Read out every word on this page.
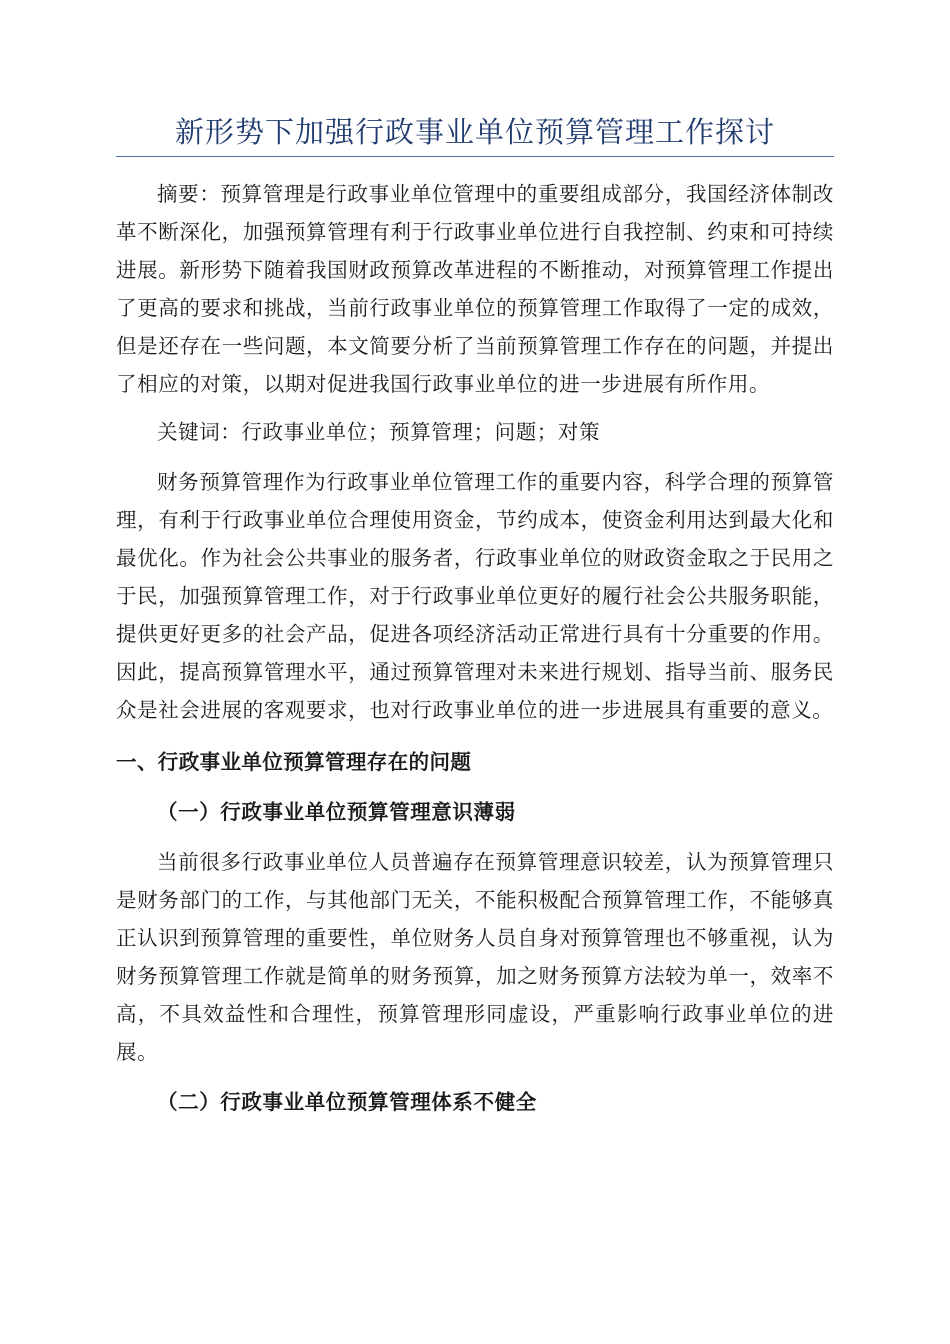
新形势下加强行政事业单位预算管理工作探讨

摘要：预算管理是行政事业单位管理中的重要组成部分，我国经济体制改革不断深化，加强预算管理有利于行政事业单位进行自我控制、约束和可持续进展。新形势下随着我国财政预算改革进程的不断推动，对预算管理工作提出了更高的要求和挑战，当前行政事业单位的预算管理工作取得了一定的成效，但是还存在一些问题，本文简要分析了当前预算管理工作存在的问题，并提出了相应的对策，以期对促进我国行政事业单位的进一步进展有所作用。

关键词：行政事业单位；预算管理；问题；对策

财务预算管理作为行政事业单位管理工作的重要内容，科学合理的预算管理，有利于行政事业单位合理使用资金，节约成本，使资金利用达到最大化和最优化。作为社会公共事业的服务者，行政事业单位的财政资金取之于民用之于民，加强预算管理工作，对于行政事业单位更好的履行社会公共服务职能，提供更好更多的社会产品，促进各项经济活动正常进行具有十分重要的作用。因此，提高预算管理水平，通过预算管理对未来进行规划、指导当前、服务民众是社会进展的客观要求，也对行政事业单位的进一步进展具有重要的意义。

一、行政事业单位预算管理存在的问题
（一）行政事业单位预算管理意识薄弱

当前很多行政事业单位人员普遍存在预算管理意识较差，认为预算管理只是财务部门的工作，与其他部门无关，不能积极配合预算管理工作，不能够真正认识到预算管理的重要性，单位财务人员自身对预算管理也不够重视，认为财务预算管理工作就是简单的财务预算，加之财务预算方法较为单一，效率不高，不具效益性和合理性，预算管理形同虚设，严重影响行政事业单位的进展。

（二）行政事业单位预算管理体系不健全
